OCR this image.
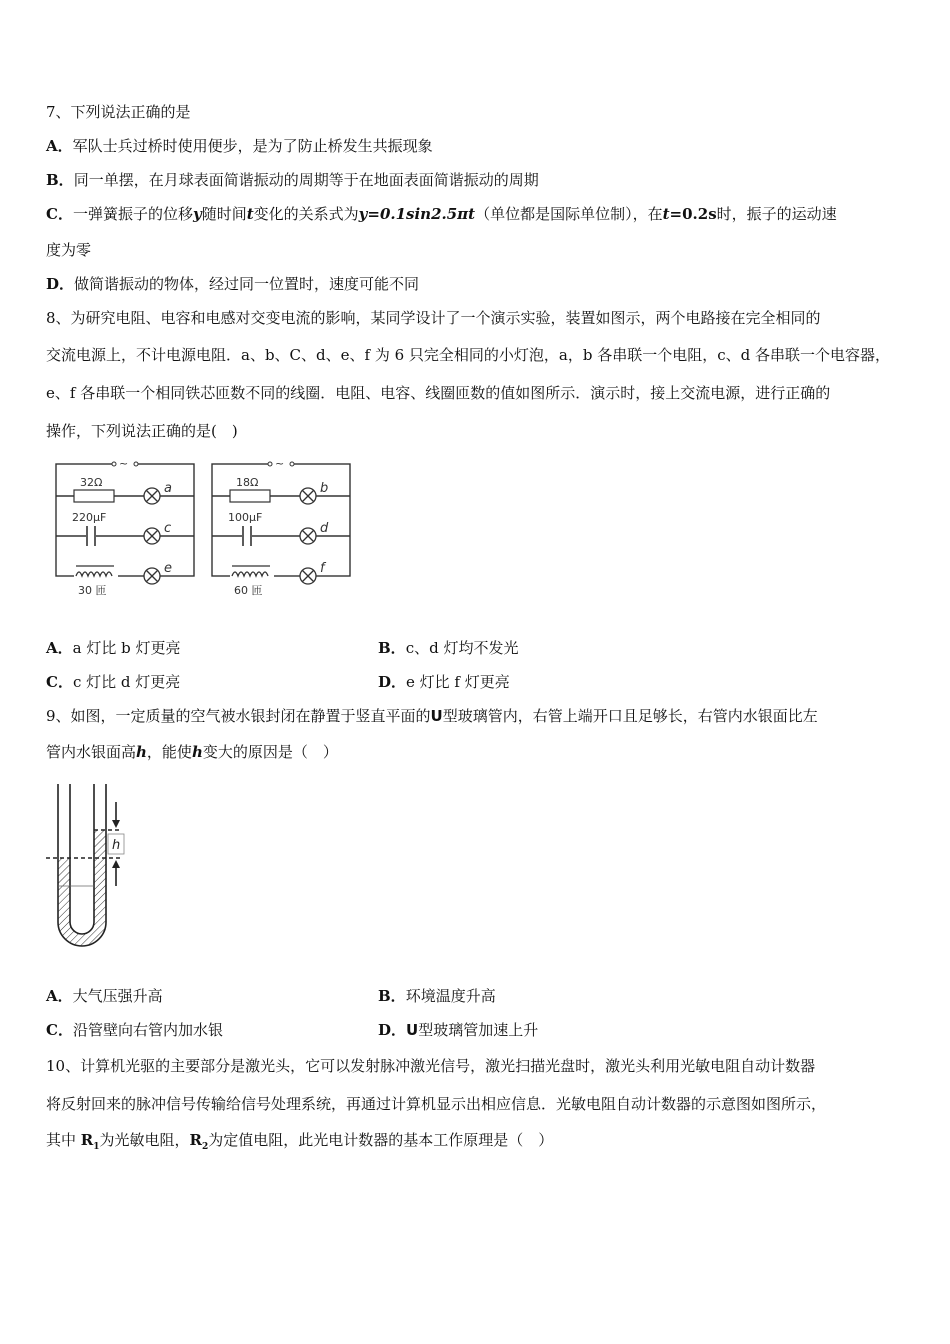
7、下列说法正确的是
A．军队士兵过桥时使用便步，是为了防止桥发生共振现象
B．同一单摆，在月球表面简谐振动的周期等于在地面表面简谐振动的周期
C．一弹簧振子的位移y随时间t变化的关系式为y=0.1sin2.5πt（单位都是国际单位制），在t=0.2s时，振子的运动速
度为零
D．做简谐振动的物体，经过同一位置时，速度可能不同
8、为研究电阻、电容和电感对交变电流的影响，某同学设计了一个演示实验，装置如图示，两个电路接在完全相同的
交流电源上，不计电源电阻．a、b、C、d、e、f 为 6 只完全相同的小灯泡，a，b 各串联一个电阻，c、d 各串联一个电容器，
e、f 各串联一个相同铁芯匝数不同的线圈．电阻、电容、线圈匝数的值如图所示．演示时，接上交流电源，进行正确的
操作，下列说法正确的是(　)
~	~
32Ω
220μF
30 匝
18Ω
100μF
60 匝
a
c
e
b
d
f
A．a 灯比 b 灯更亮	B．c、d 灯均不发光
C．c 灯比 d 灯更亮	D．e 灯比 f 灯更亮
9、如图，一定质量的空气被水银封闭在静置于竖直平面的U型玻璃管内，右管上端开口且足够长，右管内水银面比左
管内水银面高h，能使h变大的原因是（　）
h
A．大气压强升高	B．环境温度升高
C．沿管壁向右管内加水银	D．U型玻璃管加速上升
10、计算机光驱的主要部分是激光头，它可以发射脉冲激光信号，激光扫描光盘时，激光头利用光敏电阻自动计数器
将反射回来的脉冲信号传输给信号处理系统，再通过计算机显示出相应信息．光敏电阻自动计数器的示意图如图所示，
其中 $R_1$为光敏电阻，$R_2$为定值电阻，此光电计数器的基本工作原理是（　）
